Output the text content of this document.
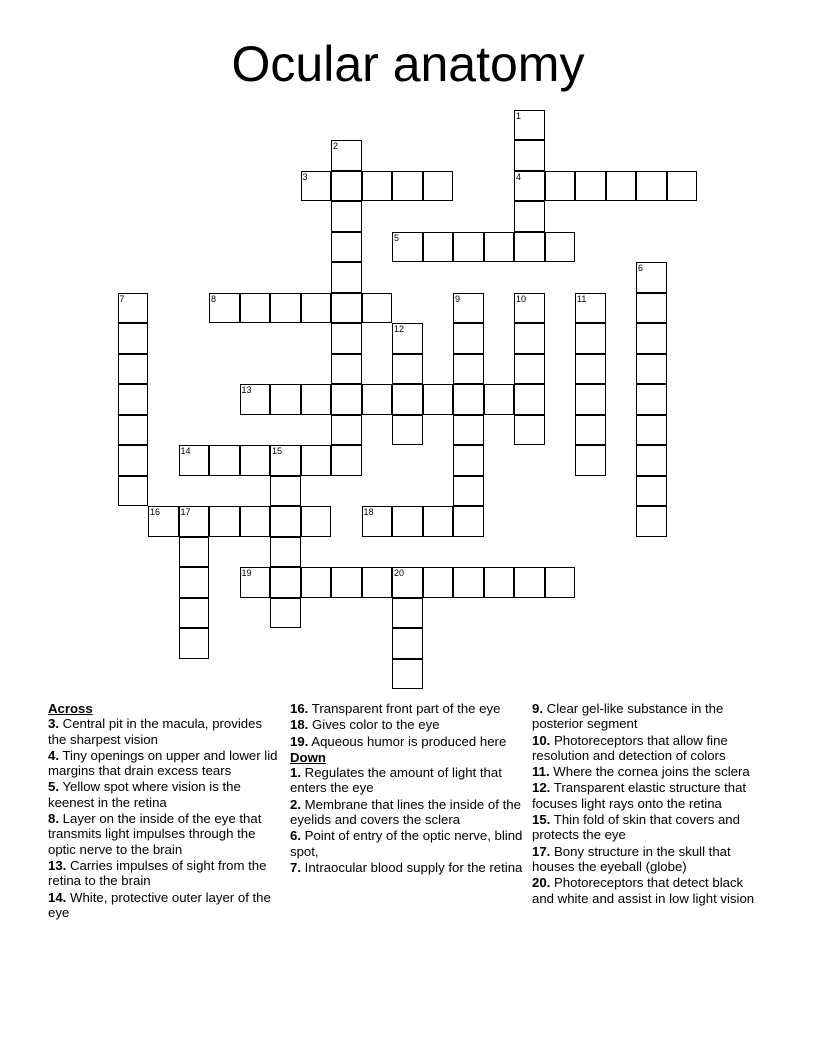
Ocular anatomy
1
4
2
3
5
6
7	8	9	10	11
12
13
14	15
16 17	18
19	20
Across
3. Central pit in the macula, provides the sharpest vision
4. Tiny openings on upper and lower lid margins that drain excess tears
5. Yellow spot where vision is the keenest in the retina
8. Layer on the inside of the eye that transmits light impulses through the optic nerve to the brain
13. Carries impulses of sight from the retina to the brain
14. White, protective outer layer of the eye
16. Transparent front part of the eye
18. Gives color to the eye
19. Aqueous humor is produced here
Down
1. Regulates the amount of light that enters the eye
2. Membrane that lines the inside of the eyelids and covers the sclera
6. Point of entry of the optic nerve, blind spot,
7. Intraocular blood supply for the retina
9. Clear gel-like substance in the posterior segment
10. Photoreceptors that allow fine resolution and detection of colors
11. Where the cornea joins the sclera
12. Transparent elastic structure that focuses light rays onto the retina
15. Thin fold of skin that covers and protects the eye
17. Bony structure in the skull that houses the eyeball (globe)
20. Photoreceptors that detect black and white and assist in low light vision
